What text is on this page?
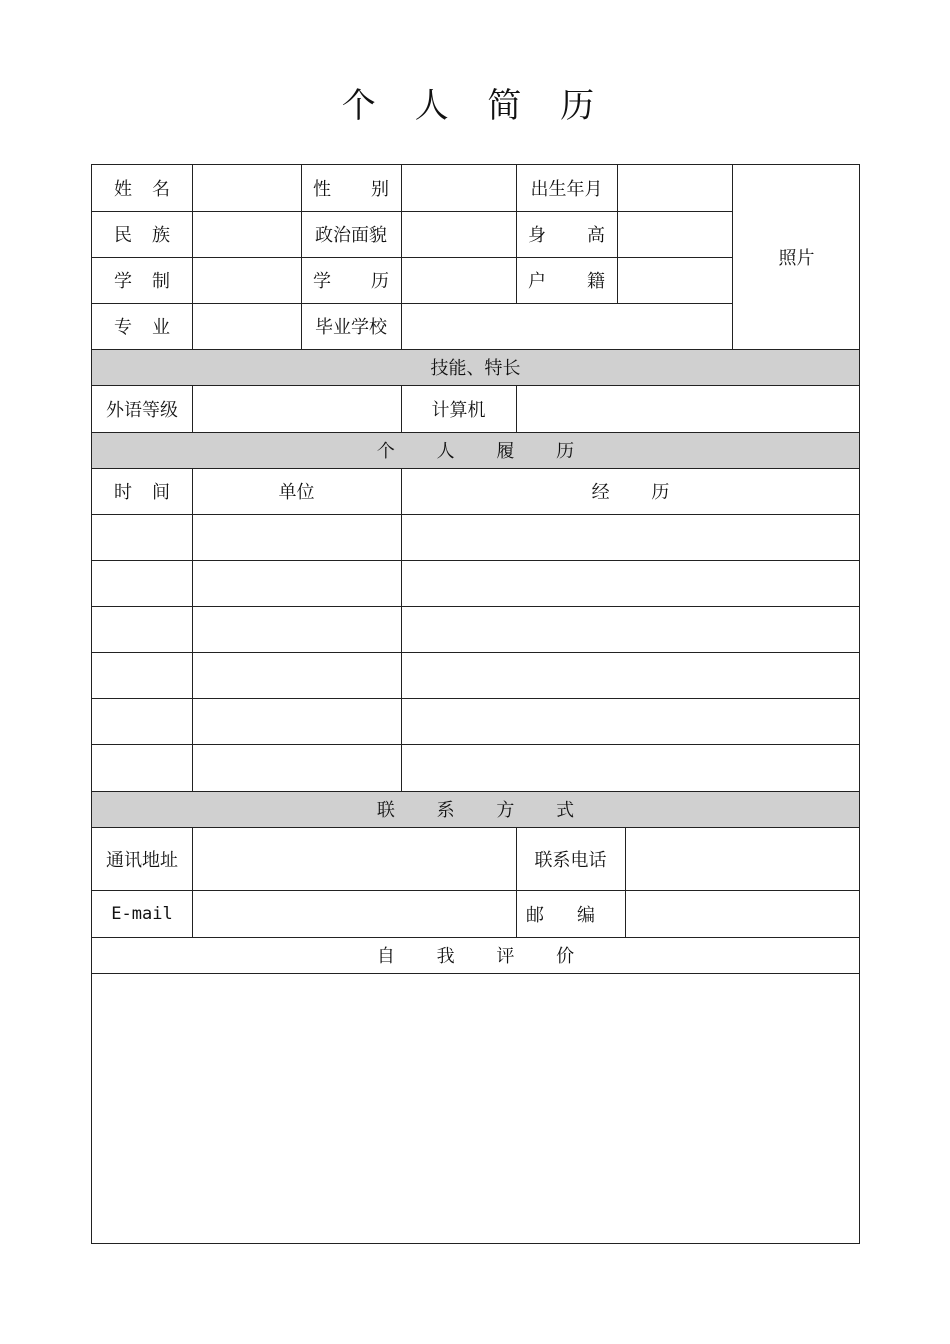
个 人 简 历
姓 名	性 别	出生年月
民 族	政治面貌	身 高
学 制	学 历	户 籍
专 业	毕业学校
照片
技能、特长
外语等级	计算机
个 人 履 历
时 间	单位	经 历
联 系 方 式
通讯地址	联系电话
E-mail	邮 编
自 我 评 价
